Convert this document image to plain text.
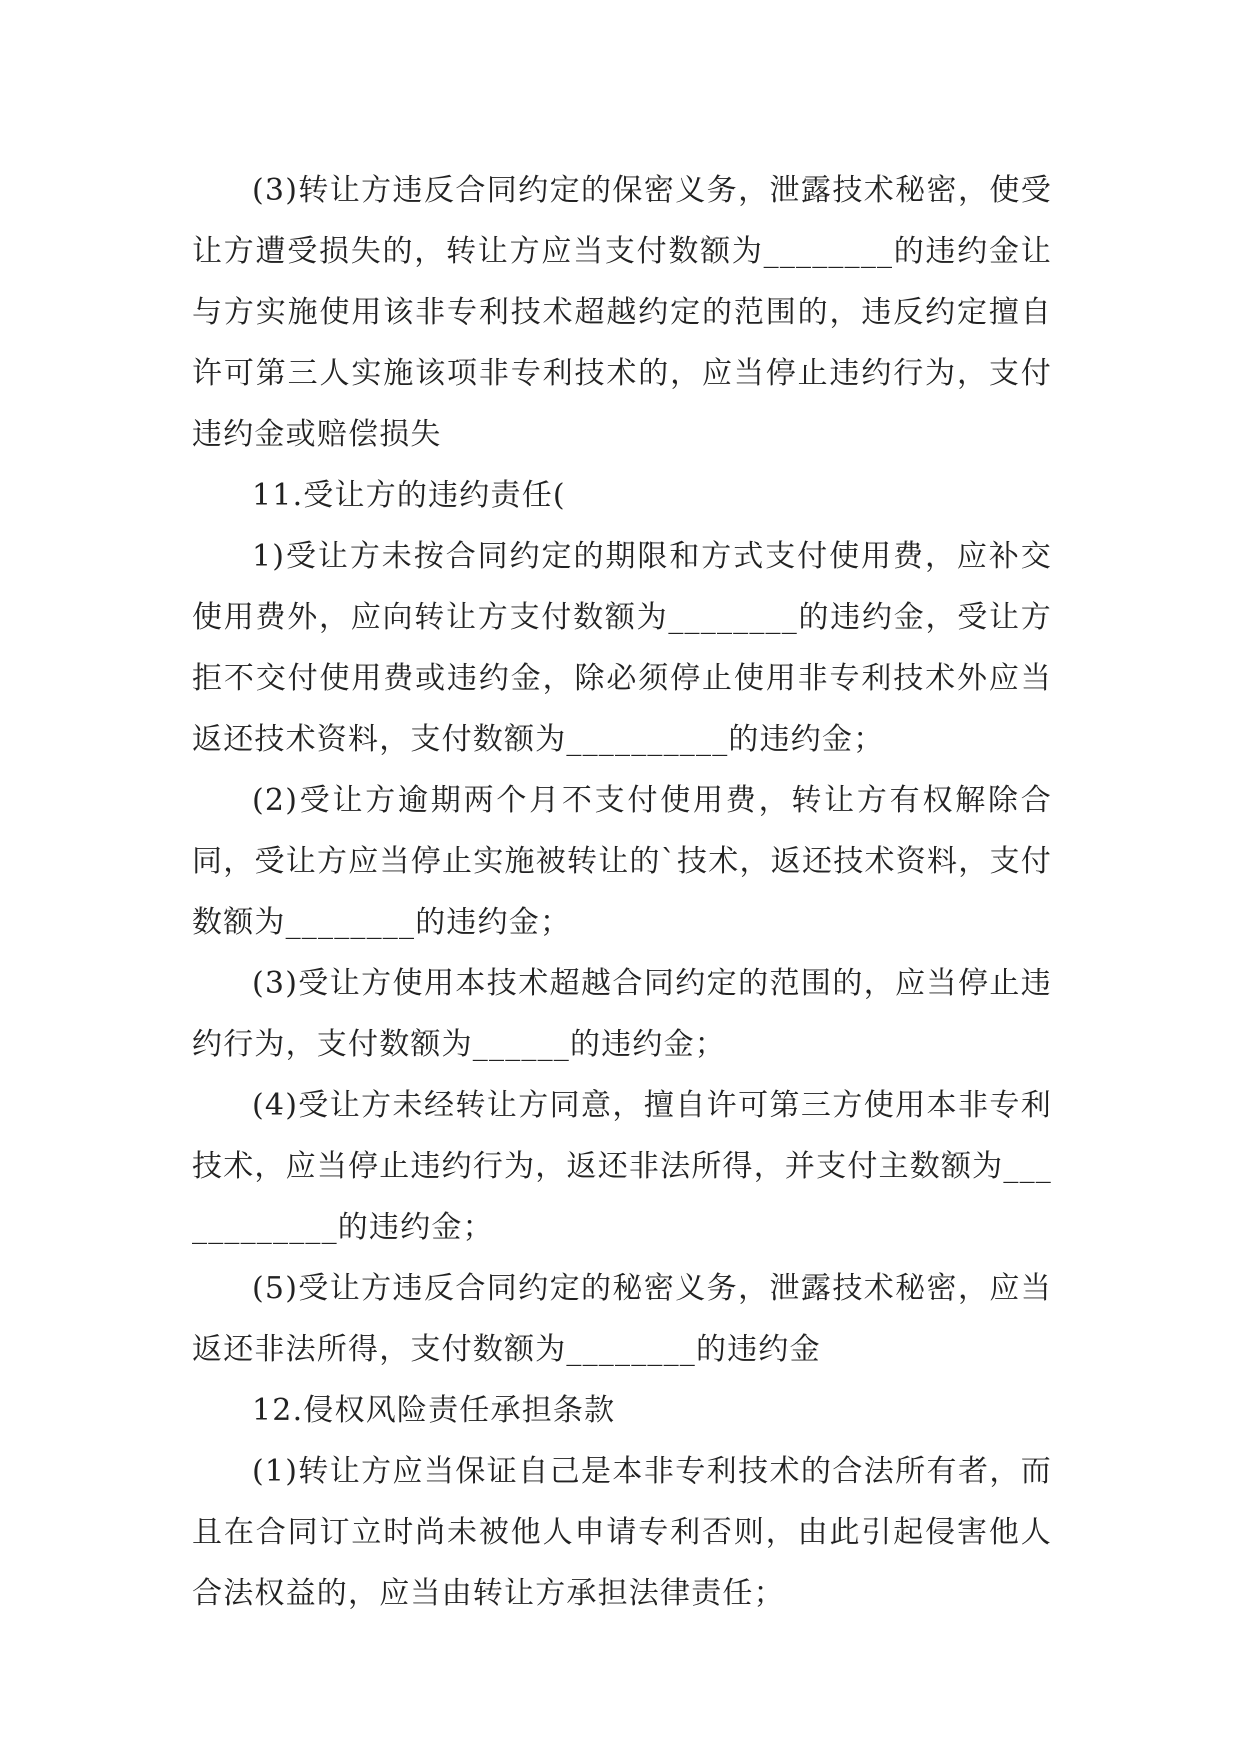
(3)转让方违反合同约定的保密义务，泄露技术秘密，使受让方遭受损失的，转让方应当支付数额为________的违约金让与方实施使用该非专利技术超越约定的范围的，违反约定擅自许可第三人实施该项非专利技术的，应当停止违约行为，支付违约金或赔偿损失

11.受让方的违约责任(

1)受让方未按合同约定的期限和方式支付使用费，应补交使用费外，应向转让方支付数额为________的违约金，受让方拒不交付使用费或违约金，除必须停止使用非专利技术外应当返还技术资料，支付数额为__________的违约金；

(2)受让方逾期两个月不支付使用费，转让方有权解除合同，受让方应当停止实施被转让的`技术，返还技术资料，支付数额为________的违约金；

(3)受让方使用本技术超越合同约定的范围的，应当停止违约行为，支付数额为______的违约金；

(4)受让方未经转让方同意，擅自许可第三方使用本非专利技术，应当停止违约行为，返还非法所得，并支付主数额为____________的违约金；

(5)受让方违反合同约定的秘密义务，泄露技术秘密，应当返还非法所得，支付数额为________的违约金

12.侵权风险责任承担条款

(1)转让方应当保证自己是本非专利技术的合法所有者，而且在合同订立时尚未被他人申请专利否则，由此引起侵害他人合法权益的，应当由转让方承担法律责任；
